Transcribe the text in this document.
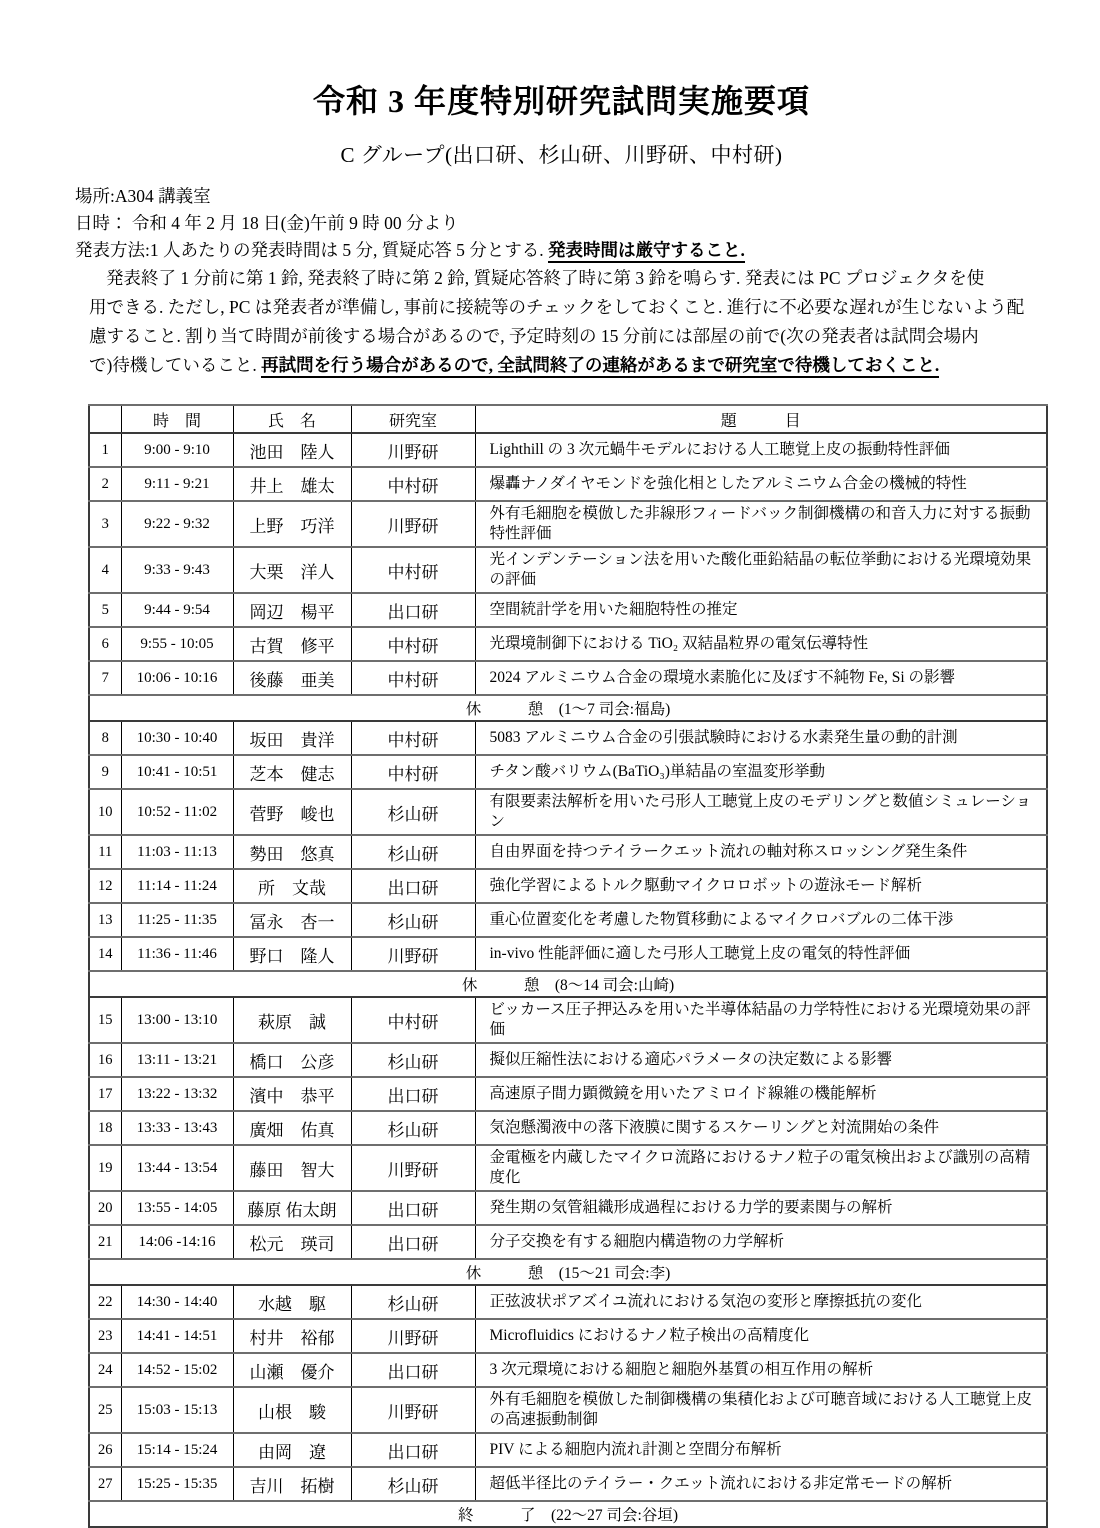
令和 3 年度特別研究試問実施要項
C グループ(出口研、杉山研、川野研、中村研)
場所:A304 講義室
日時： 令和 4 年 2 月 18 日(金)午前 9 時 00 分より
発表方法:1 人あたりの発表時間は 5 分, 質疑応答 5 分とする. 発表時間は厳守すること.
発表終了 1 分前に第 1 鈴, 発表終了時に第 2 鈴, 質疑応答終了時に第 3 鈴を鳴らす. 発表には PC プロジェクタを使
用できる. ただし, PC は発表者が準備し, 事前に接続等のチェックをしておくこと. 進行に不必要な遅れが生じないよう配
慮すること. 割り当て時間が前後する場合があるので, 予定時刻の 15 分前には部屋の前で(次の発表者は試問会場内
で)待機していること. 再試問を行う場合があるので, 全試問終了の連絡があるまで研究室で待機しておくこと.
	時　間	氏　名	研究室	題　　　目
1	9:00 - 9:10	池田　陸人	川野研	Lighthill の 3 次元蝸牛モデルにおける人工聴覚上皮の振動特性評価
2	9:11 - 9:21	井上　雄太	中村研	爆轟ナノダイヤモンドを強化相としたアルミニウム合金の機械的特性
3	9:22 - 9:32	上野　巧洋	川野研	外有毛細胞を模倣した非線形フィードバック制御機構の和音入力に対する振動特性評価
4	9:33 - 9:43	大栗　洋人	中村研	光インデンテーション法を用いた酸化亜鉛結晶の転位挙動における光環境効果の評価
5	9:44 - 9:54	岡辺　楊平	出口研	空間統計学を用いた細胞特性の推定
6	9:55 - 10:05	古賀　修平	中村研	光環境制御下における TiO₂ 双結晶粒界の電気伝導特性
7	10:06 - 10:16	後藤　亜美	中村研	2024 アルミニウム合金の環境水素脆化に及ぼす不純物 Fe, Si の影響
休　　　憩　(1〜7 司会:福島)				
8	10:30 - 10:40	坂田　貴洋	中村研	5083 アルミニウム合金の引張試験時における水素発生量の動的計測
9	10:41 - 10:51	芝本　健志	中村研	チタン酸バリウム(BaTiO₃)単結晶の室温変形挙動
10	10:52 - 11:02	菅野　峻也	杉山研	有限要素法解析を用いた弓形人工聴覚上皮のモデリングと数値シミュレーション
11	11:03 - 11:13	勢田　悠真	杉山研	自由界面を持つテイラークエット流れの軸対称スロッシング発生条件
12	11:14 - 11:24	所　文哉	出口研	強化学習によるトルク駆動マイクロロボットの遊泳モード解析
13	11:25 - 11:35	冨永　杏一	杉山研	重心位置変化を考慮した物質移動によるマイクロバブルの二体干渉
14	11:36 - 11:46	野口　隆人	川野研	in-vivo 性能評価に適した弓形人工聴覚上皮の電気的特性評価
休　　　憩　(8〜14 司会:山崎)				
15	13:00 - 13:10	萩原　誠	中村研	ビッカース圧子押込みを用いた半導体結晶の力学特性における光環境効果の評価
16	13:11 - 13:21	橋口　公彦	杉山研	擬似圧縮性法における適応パラメータの決定数による影響
17	13:22 - 13:32	濱中　恭平	出口研	高速原子間力顕微鏡を用いたアミロイド線維の機能解析
18	13:33 - 13:43	廣畑　佑真	杉山研	気泡懸濁液中の落下液膜に関するスケーリングと対流開始の条件
19	13:44 - 13:54	藤田　智大	川野研	金電極を内蔵したマイクロ流路におけるナノ粒子の電気検出および識別の高精度化
20	13:55 - 14:05	藤原 佑太朗	出口研	発生期の気管組織形成過程における力学的要素関与の解析
21	14:06 -14:16	松元　瑛司	出口研	分子交換を有する細胞内構造物の力学解析
休　　　憩　(15〜21 司会:李)				
22	14:30 - 14:40	水越　駆	杉山研	正弦波状ポアズイユ流れにおける気泡の変形と摩擦抵抗の変化
23	14:41 - 14:51	村井　裕郁	川野研	Microfluidics におけるナノ粒子検出の高精度化
24	14:52 - 15:02	山瀬　優介	出口研	3 次元環境における細胞と細胞外基質の相互作用の解析
25	15:03 - 15:13	山根　駿	川野研	外有毛細胞を模倣した制御機構の集積化および可聴音域における人工聴覚上皮の高速振動制御
26	15:14 - 15:24	由岡　遼	出口研	PIV による細胞内流れ計測と空間分布解析
27	15:25 - 15:35	吉川　拓樹	杉山研	超低半径比のテイラー・クエット流れにおける非定常モードの解析
終　　　了　(22〜27 司会:谷垣)				
